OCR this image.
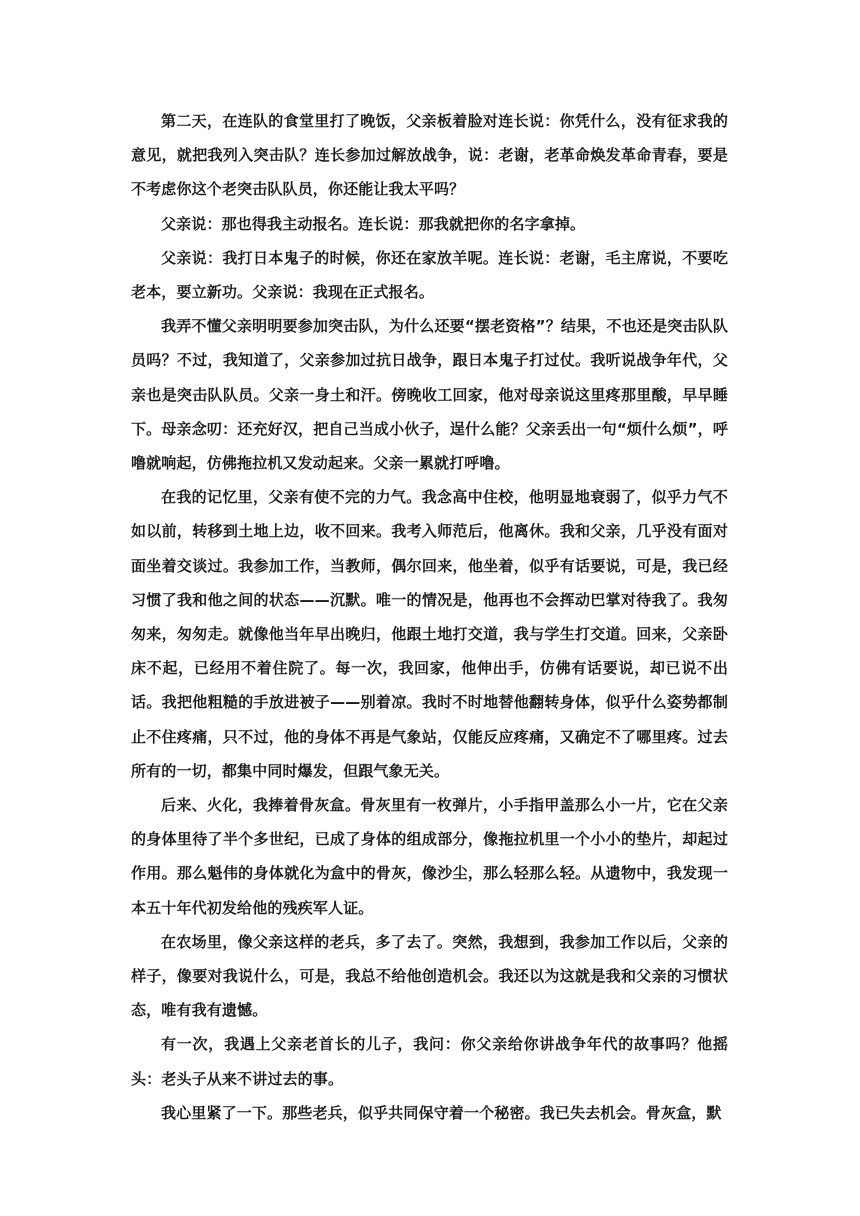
第二天，在连队的食堂里打了晚饭，父亲板着脸对连长说：你凭什么，没有征求我的意见，就把我列入突击队？连长参加过解放战争，说：老谢，老革命焕发革命青春，要是不考虑你这个老突击队队员，你还能让我太平吗？

父亲说：那也得我主动报名。连长说：那我就把你的名字拿掉。

父亲说：我打日本鬼子的时候，你还在家放羊呢。连长说：老谢，毛主席说，不要吃老本，要立新功。父亲说：我现在正式报名。

我弄不懂父亲明明要参加突击队，为什么还要“摆老资格”？结果，不也还是突击队队员吗？不过，我知道了，父亲参加过抗日战争，跟日本鬼子打过仗。我听说战争年代，父亲也是突击队队员。父亲一身土和汗。傍晚收工回家，他对母亲说这里疼那里酸，早早睡下。母亲念叨：还充好汉，把自己当成小伙子，逞什么能？父亲丢出一句“烦什么烦”，呼噜就响起，仿佛拖拉机又发动起来。父亲一累就打呼噜。

在我的记忆里，父亲有使不完的力气。我念高中住校，他明显地衰弱了，似乎力气不如以前，转移到土地上边，收不回来。我考入师范后，他离休。我和父亲，几乎没有面对面坐着交谈过。我参加工作，当教师，偶尔回来，他坐着，似乎有话要说，可是，我已经习惯了我和他之间的状态——沉默。唯一的情况是，他再也不会挥动巴掌对待我了。我匆匆来，匆匆走。就像他当年早出晚归，他跟土地打交道，我与学生打交道。回来，父亲卧床不起，已经用不着住院了。每一次，我回家，他伸出手，仿佛有话要说，却已说不出话。我把他粗糙的手放进被子——别着凉。我时不时地替他翻转身体，似乎什么姿势都制止不住疼痛，只不过，他的身体不再是气象站，仅能反应疼痛，又确定不了哪里疼。过去所有的一切，都集中同时爆发，但跟气象无关。

后来、火化，我捧着骨灰盒。骨灰里有一枚弹片，小手指甲盖那么小一片，它在父亲的身体里待了半个多世纪，已成了身体的组成部分，像拖拉机里一个小小的垫片，却起过作用。那么魁伟的身体就化为盒中的骨灰，像沙尘，那么轻那么轻。从遗物中，我发现一本五十年代初发给他的残疾军人证。

在农场里，像父亲这样的老兵，多了去了。突然，我想到，我参加工作以后，父亲的样子，像要对我说什么，可是，我总不给他创造机会。我还以为这就是我和父亲的习惯状态，唯有我有遗憾。

有一次，我遇上父亲老首长的儿子，我问：你父亲给你讲战争年代的故事吗？他摇头：老头子从来不讲过去的事。

我心里紧了一下。那些老兵，似乎共同保守着一个秘密。我已失去机会。骨灰盒，默
